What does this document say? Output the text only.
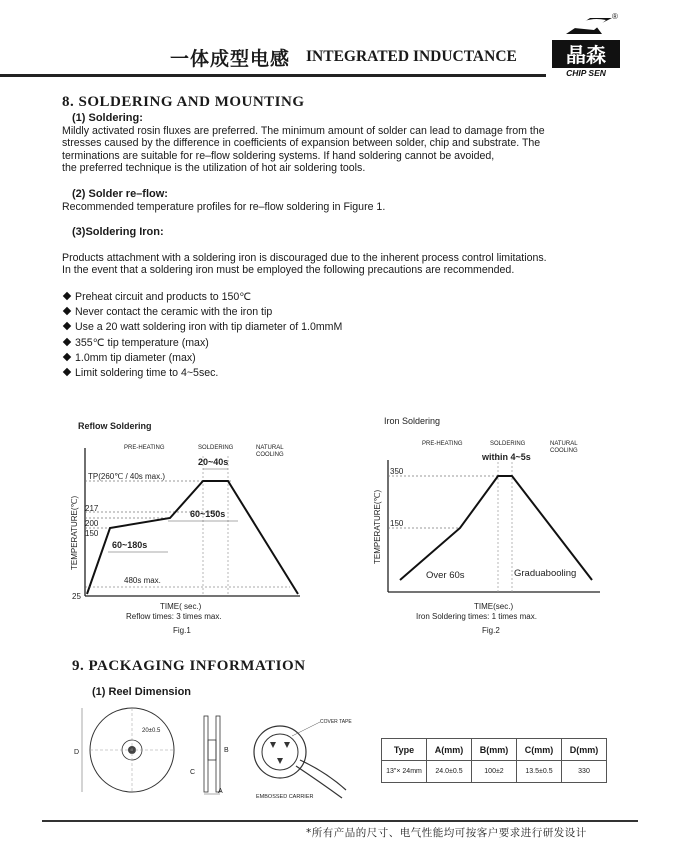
一体成型电感 INTEGRATED INDUCTANCE 晶森
CHIP SEN
®
8. SOLDERING AND MOUNTING
(1) Soldering:
Mildly activated rosin fluxes are preferred. The minimum amount of solder can lead to damage from the
stresses caused by the difference in coefficients of expansion between solder, chip and substrate. The
terminations are suitable for re–flow soldering systems. If hand soldering cannot be avoided,
the preferred technique is the utilization of hot air soldering tools.
(2) Solder re–flow:
Recommended temperature profiles for re–flow soldering in Figure 1.
(3)Soldering Iron:
Products attachment with a soldering iron is discouraged due to the inherent process control limitations.
In the event that a soldering iron must be employed the following precautions are recommended.
Preheat circuit and products to 150℃
Never contact the ceramic with the iron tip
Use a 20 watt soldering iron with tip diameter of 1.0mmM
355℃ tip temperature (max)
1.0mm tip diameter (max)
Limit soldering time to 4~5sec.
Reflow Soldering
PRE-HEATING	SOLDERING	NATURAL
COOLING
TP(260℃ / 40s max.)
217
200
150
25
20~40s
60~150s
60~180s
480s max.
TEMPERATURE(℃)
TIME( sec.)
Reflow times: 3 times max.
Fig.1
Iron Soldering
PRE-HEATING	SOLDERING	NATURAL
COOLING
350
150
within 4~5s
Over 60s	Graduabooling
TEMPERATURE(℃)
TIME(sec.)
Iron Soldering times: 1 times max.
Fig.2
9. PACKAGING INFORMATION
(1) Reel Dimension
D
20±0.5
B
C
A
COVER TAPE
EMBOSSED CARRIER
Type	A(mm)	B(mm)	C(mm)	D(mm)
13"× 24mm	24.0±0.5	100±2	13.5±0.5	330
*所有产品的尺寸、电气性能均可按客户要求进行研发设计
